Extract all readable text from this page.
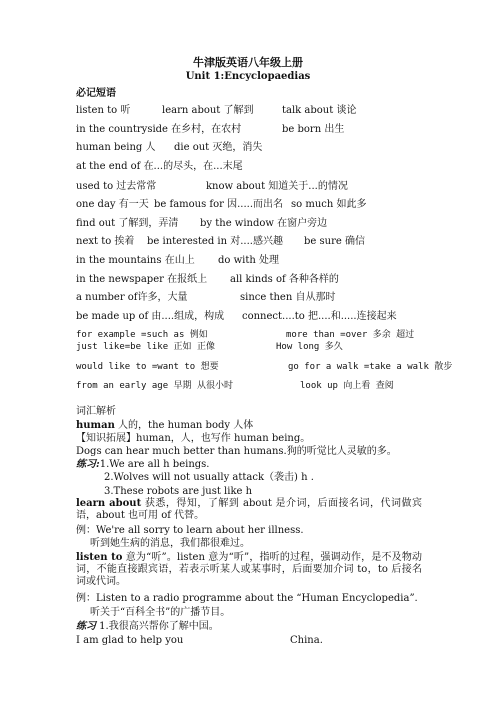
牛津版英语八年级上册
Unit 1:Encyclopaedias
必记短语
listen to 听	learn about 了解到	talk about 谈论
in the countryside 在乡村，在农村	be born 出生
human being 人 die out 灭绝，消失
at the end of 在...的尽头，在...末尾
used to 过去常常	know about 知道关于...的情况
one day 有一天 be famous for 因.....而出名 so much 如此多
find out 了解到，弄清 by the window 在窗户旁边
next to 挨着 be interested in 对....感兴趣 be sure 确信
in the mountains 在山上 do with 处理
in the newspaper 在报纸上 all kinds of 各种各样的
a number of许多，大量	since then 自从那时
be made up of 由....组成，构成 connect....to 把....和.....连接起来
for example =such as 例如	more than =over 多余 超过
just like=be like 正如 正像	How long 多久
would like to =want to 想要	go for a walk =take a walk 散步
from an early age 早期 从很小时	look up 向上看 查阅
词汇解析
human 人的，the human body 人体
【知识拓展】human，人，也写作 human being。
Dogs can hear much better than humans.狗的听觉比人灵敏的多。
练习:1.We are all h beings.
2.Wolves will not usually attack（袭击) h .
3.These robots are just like h
learn about 获悉，得知，了解到 about 是介词，后面接名词，代词做宾语，about 也可用 of 代替。
例：We're all sorry to learn about her illness.
听到她生病的消息，我们都很难过。
listen to 意为“听”。listen 意为“听”，指听的过程，强调动作，是不及物动词，不能直接跟宾语，若表示听某人或某事时，后面要加介词 to，to 后接名词或代词。
例：Listen to a radio programme about the “Human Encyclopedia”.
听关于“百科全书”的广播节目。
练习 1.我很高兴帮你了解中国。
I am glad to help you	China.
